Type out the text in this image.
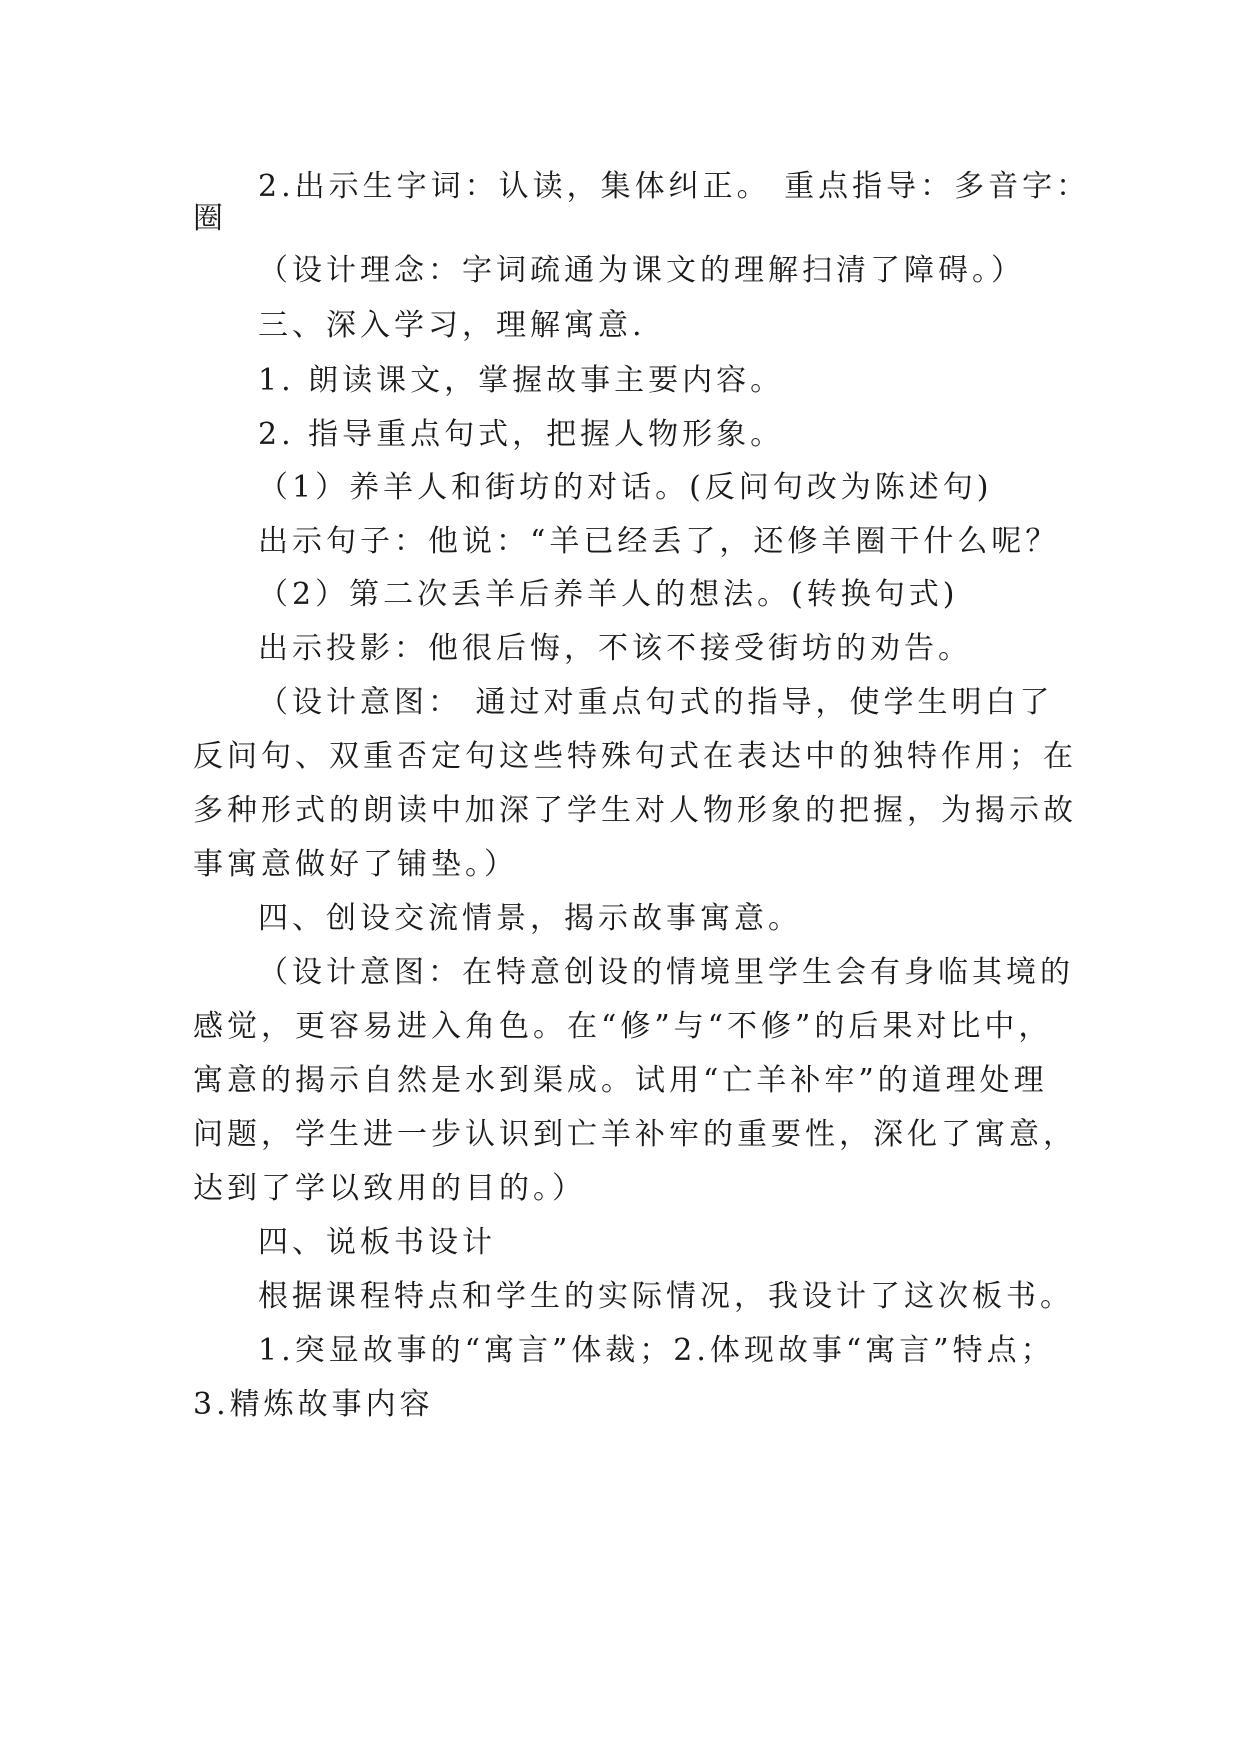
2.出示生字词：认读，集体纠正。 重点指导：多音字：
圈
（设计理念：字词疏通为课文的理解扫清了障碍。）
三、深入学习，理解寓意.
1. 朗读课文，掌握故事主要内容。
2. 指导重点句式，把握人物形象。
（1）养羊人和街坊的对话。(反问句改为陈述句)
出示句子：他说：“羊已经丢了，还修羊圈干什么呢？
（2）第二次丢羊后养羊人的想法。(转换句式)
出示投影：他很后悔，不该不接受街坊的劝告。
（设计意图： 通过对重点句式的指导，使学生明白了
反问句、双重否定句这些特殊句式在表达中的独特作用；在
多种形式的朗读中加深了学生对人物形象的把握，为揭示故
事寓意做好了铺垫。）
四、创设交流情景，揭示故事寓意。
（设计意图：在特意创设的情境里学生会有身临其境的
感觉，更容易进入角色。在“修”与“不修”的后果对比中，
寓意的揭示自然是水到渠成。试用“亡羊补牢”的道理处理
问题，学生进一步认识到亡羊补牢的重要性，深化了寓意，
达到了学以致用的目的。）
四、说板书设计
根据课程特点和学生的实际情况，我设计了这次板书。
1.突显故事的“寓言”体裁；2.体现故事“寓言”特点；
3.精炼故事内容
